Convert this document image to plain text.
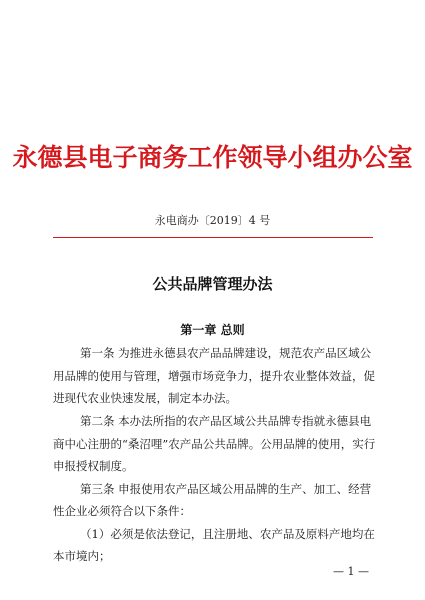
永德县电子商务工作领导小组办公室
永电商办〔2019〕4 号
公共品牌管理办法
第一章 总则
第一条 为推进永德县农产品品牌建设，规范农产品区域公
用品牌的使用与管理，增强市场竞争力，提升农业整体效益，促
进现代农业快速发展，制定本办法。
第二条 本办法所指的农产品区域公共品牌专指就永德县电
商中心注册的“桑沼哩”农产品公共品牌。公用品牌的使用，实行
申报授权制度。
第三条 申报使用农产品区域公用品牌的生产、加工、经营
性企业必须符合以下条件：
（1）必须是依法登记，且注册地、农产品及原料产地均在
本市境内；
— 1 —
